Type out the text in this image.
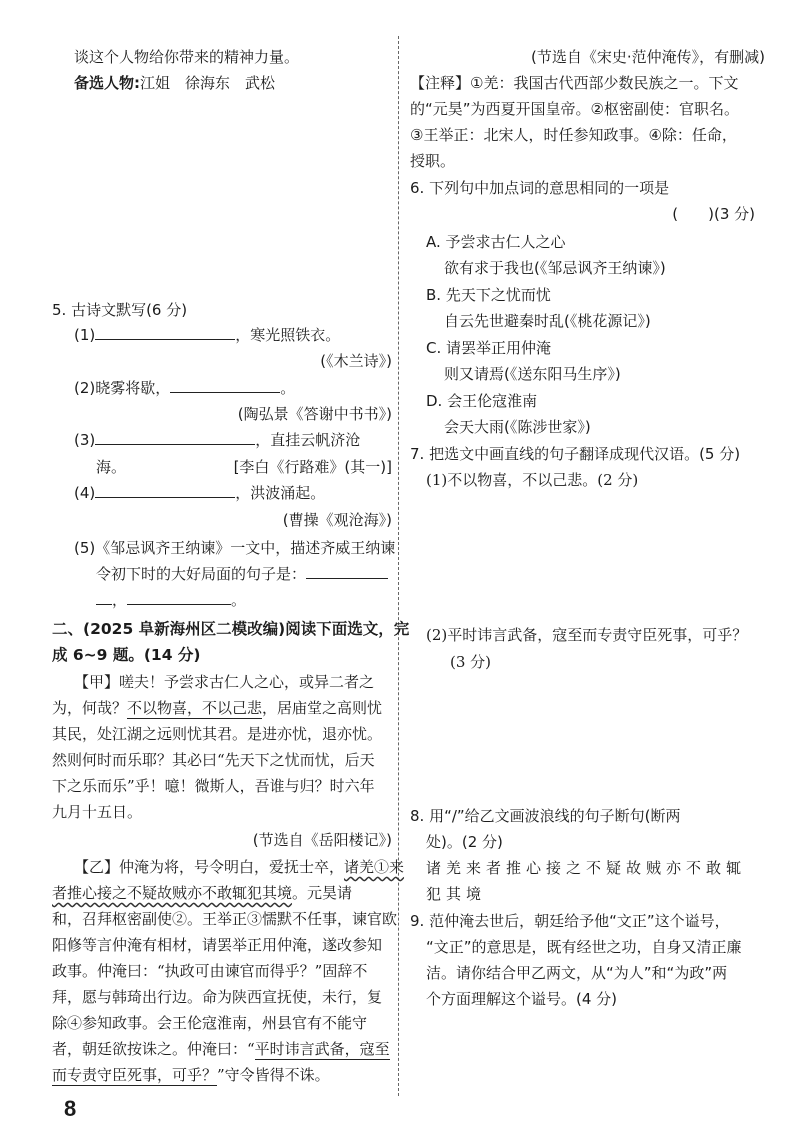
谈这个人物给你带来的精神力量。
备选人物:江姐　徐海东　武松
5. 古诗文默写(6 分)
(1)	，寒光照铁衣。
(《木兰诗》)
(2)晓雾将歇，	。
(陶弘景《答谢中书书》)
(3)	，直挂云帆济沧
海。	[李白《行路难》(其一)]
(4)	，洪波涌起。
(曹操《观沧海》)
(5)《邹忌讽齐王纳谏》一文中，描述齐威王纳谏
令初下时的大好局面的句子是：
，	。
二、(2025 阜新海州区二模改编)阅读下面选文，完
成 6~9 题。(14 分)
【甲】嗟夫！予尝求古仁人之心，或异二者之
为，何哉？不以物喜，不以己悲，居庙堂之高则忧
其民，处江湖之远则忧其君。是进亦忧，退亦忧。
然则何时而乐耶？其必曰“先天下之忧而忧，后天
下之乐而乐”乎！噫！微斯人，吾谁与归？时六年
九月十五日。
(节选自《岳阳楼记》)
【乙】仲淹为将，号令明白，爱抚士卒，诸羌①来
者推心接之不疑故贼亦不敢辄犯其境。元昊请
和，召拜枢密副使②。王举正③懦默不任事，谏官欧
阳修等言仲淹有相材，请罢举正用仲淹，遂改参知
政事。仲淹曰：“执政可由谏官而得乎？”固辞不
拜，愿与韩琦出行边。命为陕西宣抚使，未行，复
除④参知政事。会王伦寇淮南，州县官有不能守
者，朝廷欲按诛之。仲淹曰：“平时讳言武备，寇至
而专责守臣死事，可乎？”守令皆得不诛。
(节选自《宋史·范仲淹传》，有删减)
【注释】①羌：我国古代西部少数民族之一。下文
的“元昊”为西夏开国皇帝。②枢密副使：官职名。
③王举正：北宋人，时任参知政事。④除：任命，
授职。
6. 下列句中加点词的意思相同的一项是
(　　)(3 分)
A. 予尝求古仁人之心
欲有求于我也(《邹忌讽齐王纳谏》)
B. 先天下之忧而忧
自云先世避秦时乱(《桃花源记》)
C. 请罢举正用仲淹
则又请焉(《送东阳马生序》)
D. 会王伦寇淮南
会天大雨(《陈涉世家》)
7. 把选文中画直线的句子翻译成现代汉语。(5 分)
(1)不以物喜，不以己悲。(2 分)
(2)平时讳言武备，寇至而专责守臣死事，可乎？
(3 分)
8. 用“/”给乙文画波浪线的句子断句(断两
处)。(2 分)
诸羌来者推心接之不疑故贼亦不敢辄
犯其境
9. 范仲淹去世后，朝廷给予他“文正”这个谥号，
“文正”的意思是，既有经世之功，自身又清正廉
洁。请你结合甲乙两文，从“为人”和“为政”两
个方面理解这个谥号。(4 分)
8
